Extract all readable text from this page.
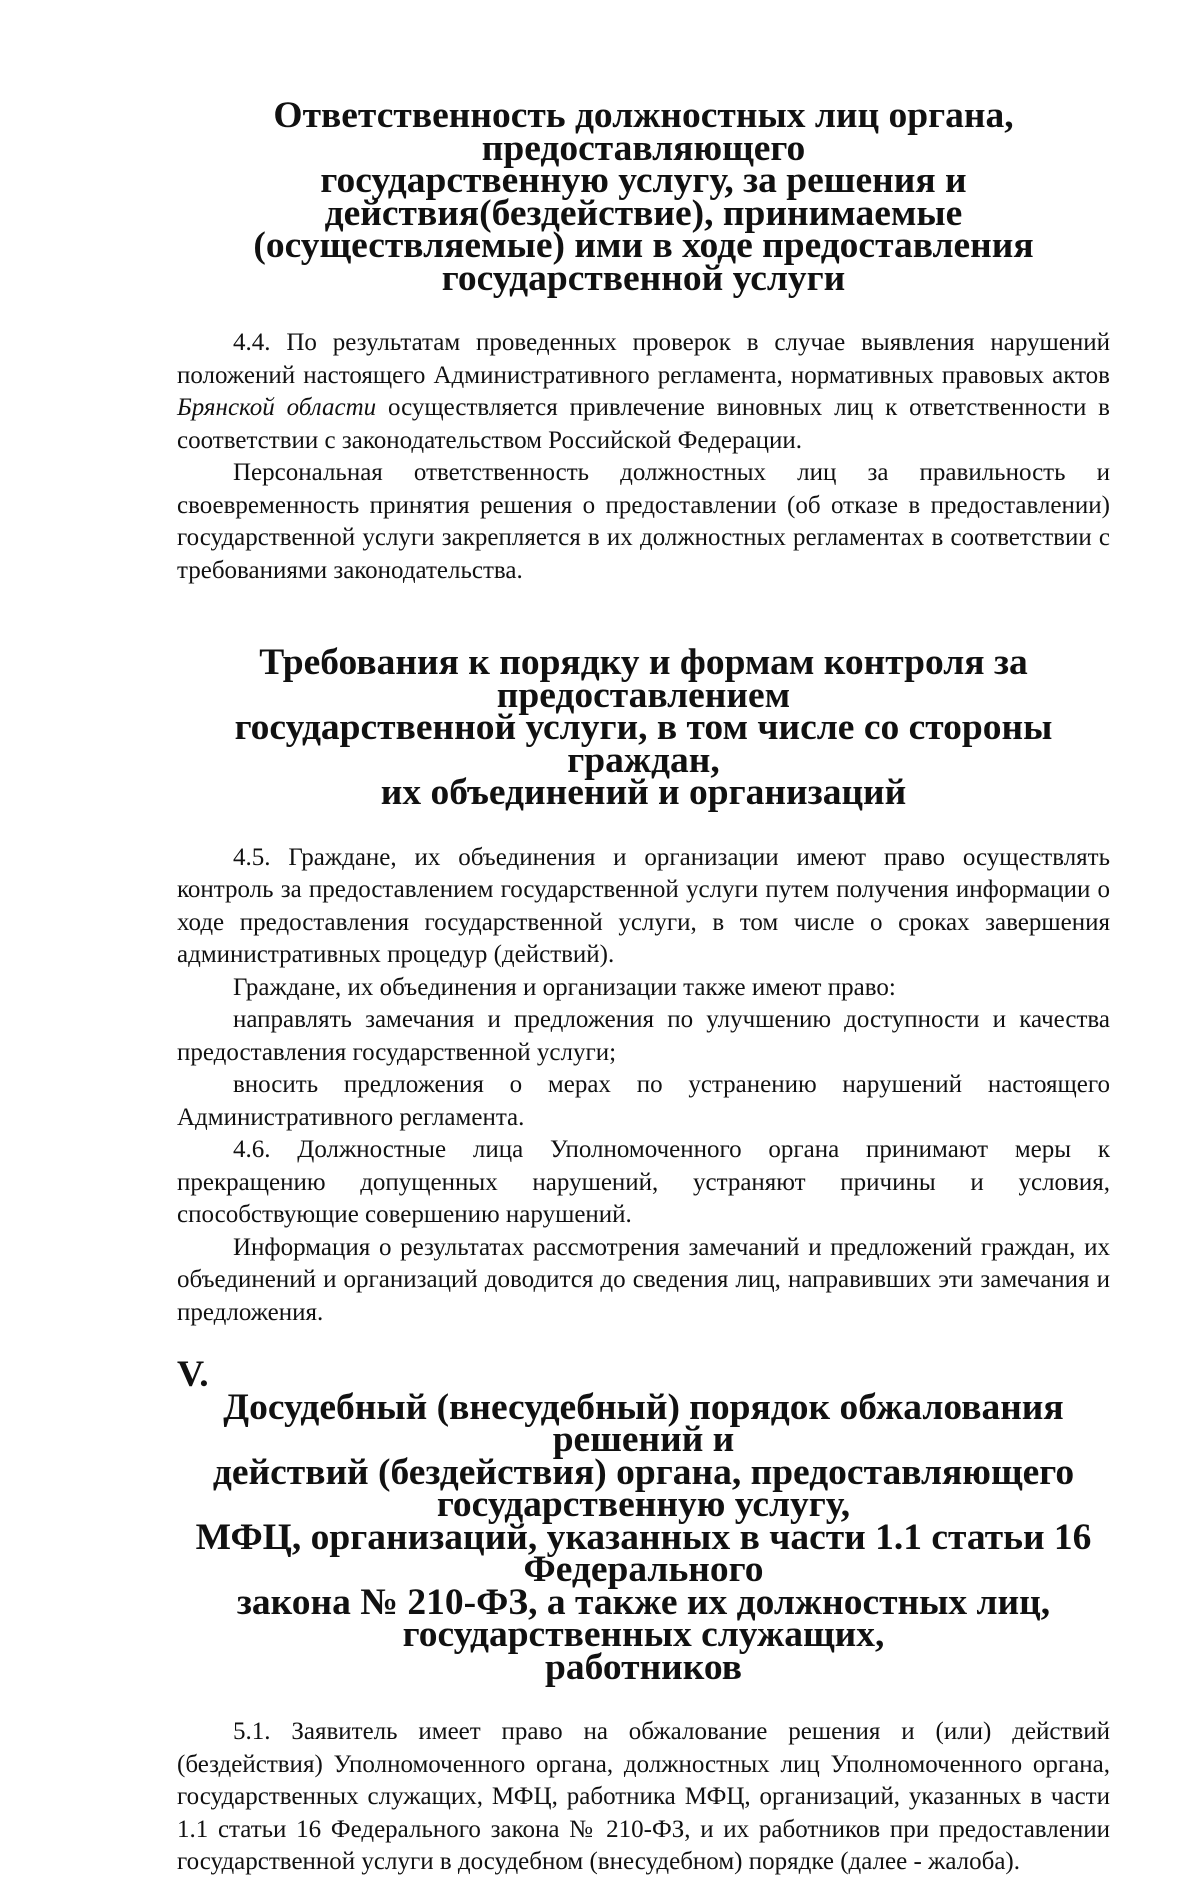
Ответственность должностных лиц органа, предоставляющего
государственную услугу, за решения и действия(бездействие), принимаемые
(осуществляемые) ими в ходе предоставления государственной услуги

4.4. По результатам проведенных проверок в случае выявления нарушений положений настоящего Административного регламента, нормативных правовых актов Брянской области осуществляется привлечение виновных лиц к ответственности в соответствии с законодательством Российской Федерации.

Персональная ответственность должностных лиц за правильность и своевременность принятия решения о предоставлении (об отказе в предоставлении) государственной услуги закрепляется в их должностных регламентах в соответствии с требованиями законодательства.

Требования к порядку и формам контроля за предоставлением
государственной услуги, в том числе со стороны граждан,
их объединений и организаций

4.5. Граждане, их объединения и организации имеют право осуществлять контроль за предоставлением государственной услуги путем получения информации о ходе предоставления государственной услуги, в том числе о сроках завершения административных процедур (действий).

Граждане, их объединения и организации также имеют право:

направлять замечания и предложения по улучшению доступности и качества предоставления государственной услуги;

вносить предложения о мерах по устранению нарушений настоящего Административного регламента.

4.6. Должностные лица Уполномоченного органа принимают меры к прекращению допущенных нарушений, устраняют причины и условия, способствующие совершению нарушений.

Информация о результатах рассмотрения замечаний и предложений граждан, их объединений и организаций доводится до сведения лиц, направивших эти замечания и предложения.

V.
Досудебный (внесудебный) порядок обжалования решений и
действий (бездействия) органа, предоставляющего государственную услугу,
МФЦ, организаций, указанных в части 1.1 статьи 16 Федерального
закона № 210-ФЗ, а также их должностных лиц, государственных служащих,
работников

5.1. Заявитель имеет право на обжалование решения и (или) действий (бездействия) Уполномоченного органа, должностных лиц Уполномоченного органа, государственных служащих, МФЦ, работника МФЦ, организаций, указанных в части 1.1 статьи 16 Федерального закона № 210-ФЗ, и их работников при предоставлении государственной услуги в досудебном (внесудебном) порядке (далее - жалоба).
